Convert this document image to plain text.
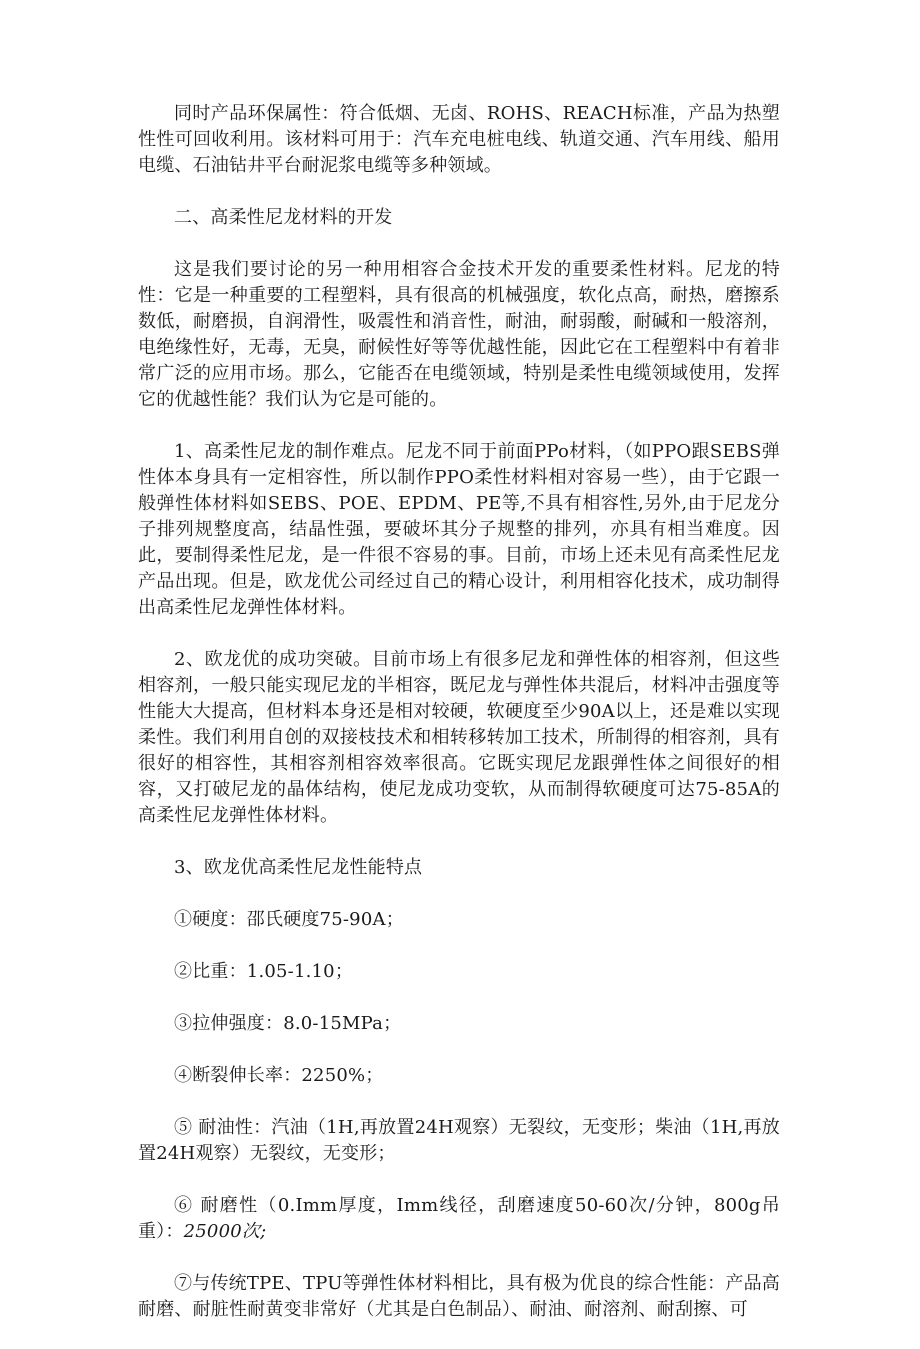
同时产品环保属性：符合低烟、无卤、ROHS、REACH标准，产品为热塑性性可回收利用。该材料可用于：汽车充电桩电线、轨道交通、汽车用线、船用电缆、石油钻井平台耐泥浆电缆等多种领域。

二、高柔性尼龙材料的开发

这是我们要讨论的另一种用相容合金技术开发的重要柔性材料。尼龙的特性：它是一种重要的工程塑料，具有很高的机械强度，软化点高，耐热，磨擦系数低，耐磨损，自润滑性，吸震性和消音性，耐油，耐弱酸，耐碱和一般溶剂，电绝缘性好，无毒，无臭，耐候性好等等优越性能，因此它在工程塑料中有着非常广泛的应用市场。那么，它能否在电缆领域，特别是柔性电缆领域使用，发挥它的优越性能？我们认为它是可能的。

1、高柔性尼龙的制作难点。尼龙不同于前面PPo材料，（如PPO跟SEBS弹性体本身具有一定相容性，所以制作PPO柔性材料相对容易一些），由于它跟一般弹性体材料如SEBS、POE、EPDM、PE等,不具有相容性,另外,由于尼龙分子排列规整度高，结晶性强，要破坏其分子规整的排列，亦具有相当难度。因此，要制得柔性尼龙，是一件很不容易的事。目前，市场上还未见有高柔性尼龙产品出现。但是，欧龙优公司经过自己的精心设计，利用相容化技术，成功制得出高柔性尼龙弹性体材料。

2、欧龙优的成功突破。目前市场上有很多尼龙和弹性体的相容剂，但这些相容剂，一般只能实现尼龙的半相容，既尼龙与弹性体共混后，材料冲击强度等性能大大提高，但材料本身还是相对较硬，软硬度至少90A以上，还是难以实现柔性。我们利用自创的双接枝技术和相转移转加工技术，所制得的相容剂，具有很好的相容性，其相容剂相容效率很高。它既实现尼龙跟弹性体之间很好的相容，又打破尼龙的晶体结构，使尼龙成功变软，从而制得软硬度可达75-85A的高柔性尼龙弹性体材料。

3、欧龙优高柔性尼龙性能特点

①硬度：邵氏硬度75-90A；

②比重：1.05-1.10；

③拉伸强度：8.0-15MPa；

④断裂伸长率：2250%；

⑤ 耐油性：汽油（1H,再放置24H观察）无裂纹，无变形；柴油（1H,再放置24H观察）无裂纹，无变形；

⑥ 耐磨性（0.Imm厚度，Imm线径，刮磨速度50-60次/分钟，800g吊重）：25000次;

⑦与传统TPE、TPU等弹性体材料相比，具有极为优良的综合性能：产品高耐磨、耐脏性耐黄变非常好（尤其是白色制品）、耐油、耐溶剂、耐刮擦、可
